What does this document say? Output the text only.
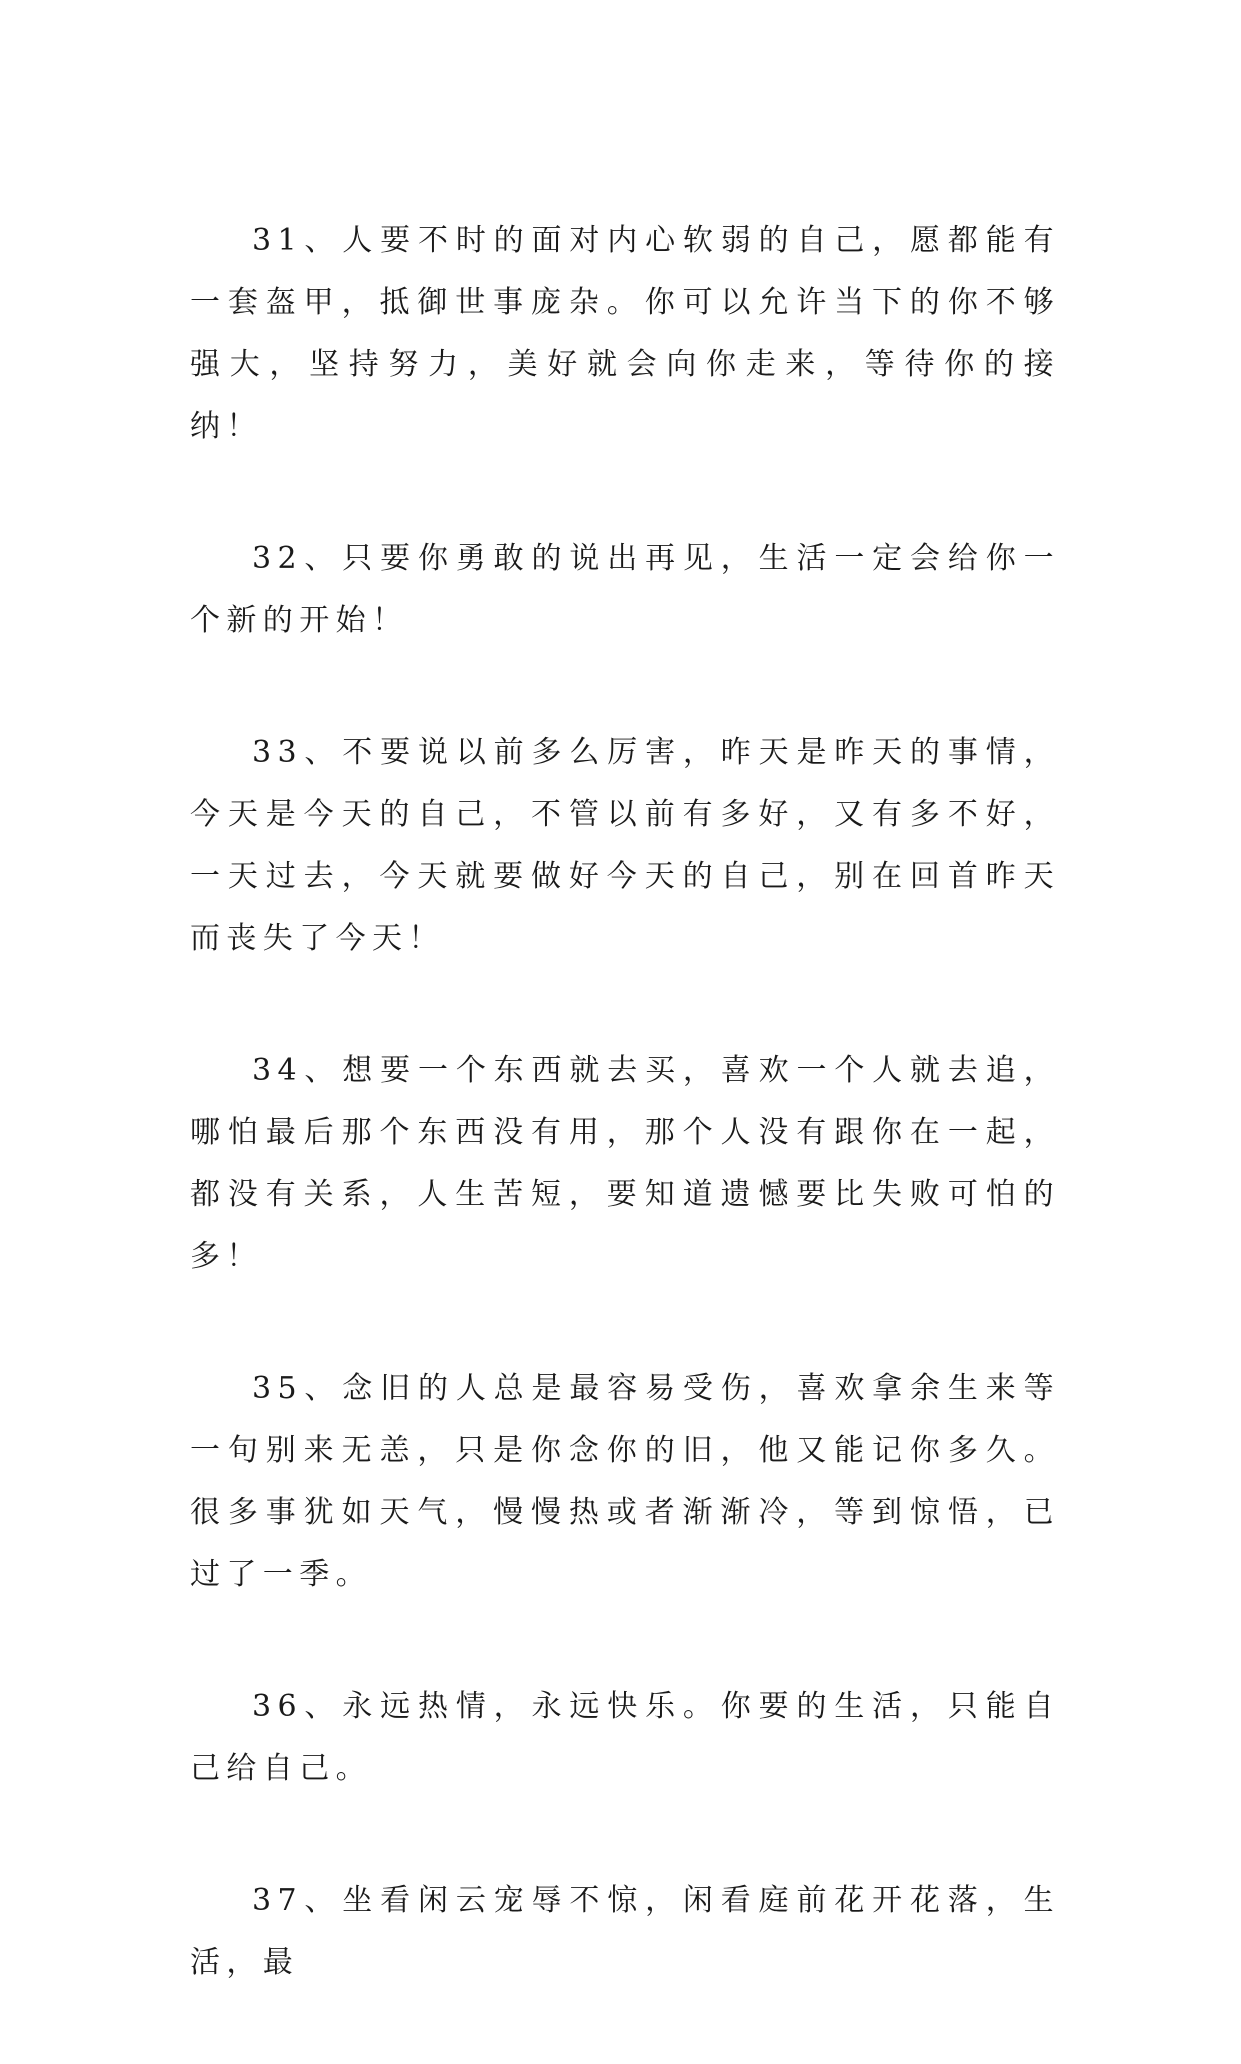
31、人要不时的面对内心软弱的自己，愿都能有一套盔甲，抵御世事庞杂。你可以允许当下的你不够强大，坚持努力，美好就会向你走来，等待你的接纳！

32、只要你勇敢的说出再见，生活一定会给你一个新的开始！

33、不要说以前多么厉害，昨天是昨天的事情，今天是今天的自己，不管以前有多好，又有多不好，一天过去，今天就要做好今天的自己，别在回首昨天而丧失了今天！

34、想要一个东西就去买，喜欢一个人就去追，哪怕最后那个东西没有用，那个人没有跟你在一起，都没有关系，人生苦短，要知道遗憾要比失败可怕的多！

35、念旧的人总是最容易受伤，喜欢拿余生来等一句别来无恙，只是你念你的旧，他又能记你多久。很多事犹如天气，慢慢热或者渐渐冷，等到惊悟，已过了一季。

36、永远热情，永远快乐。你要的生活，只能自己给自己。

37、坐看闲云宠辱不惊，闲看庭前花开花落，生活，最
